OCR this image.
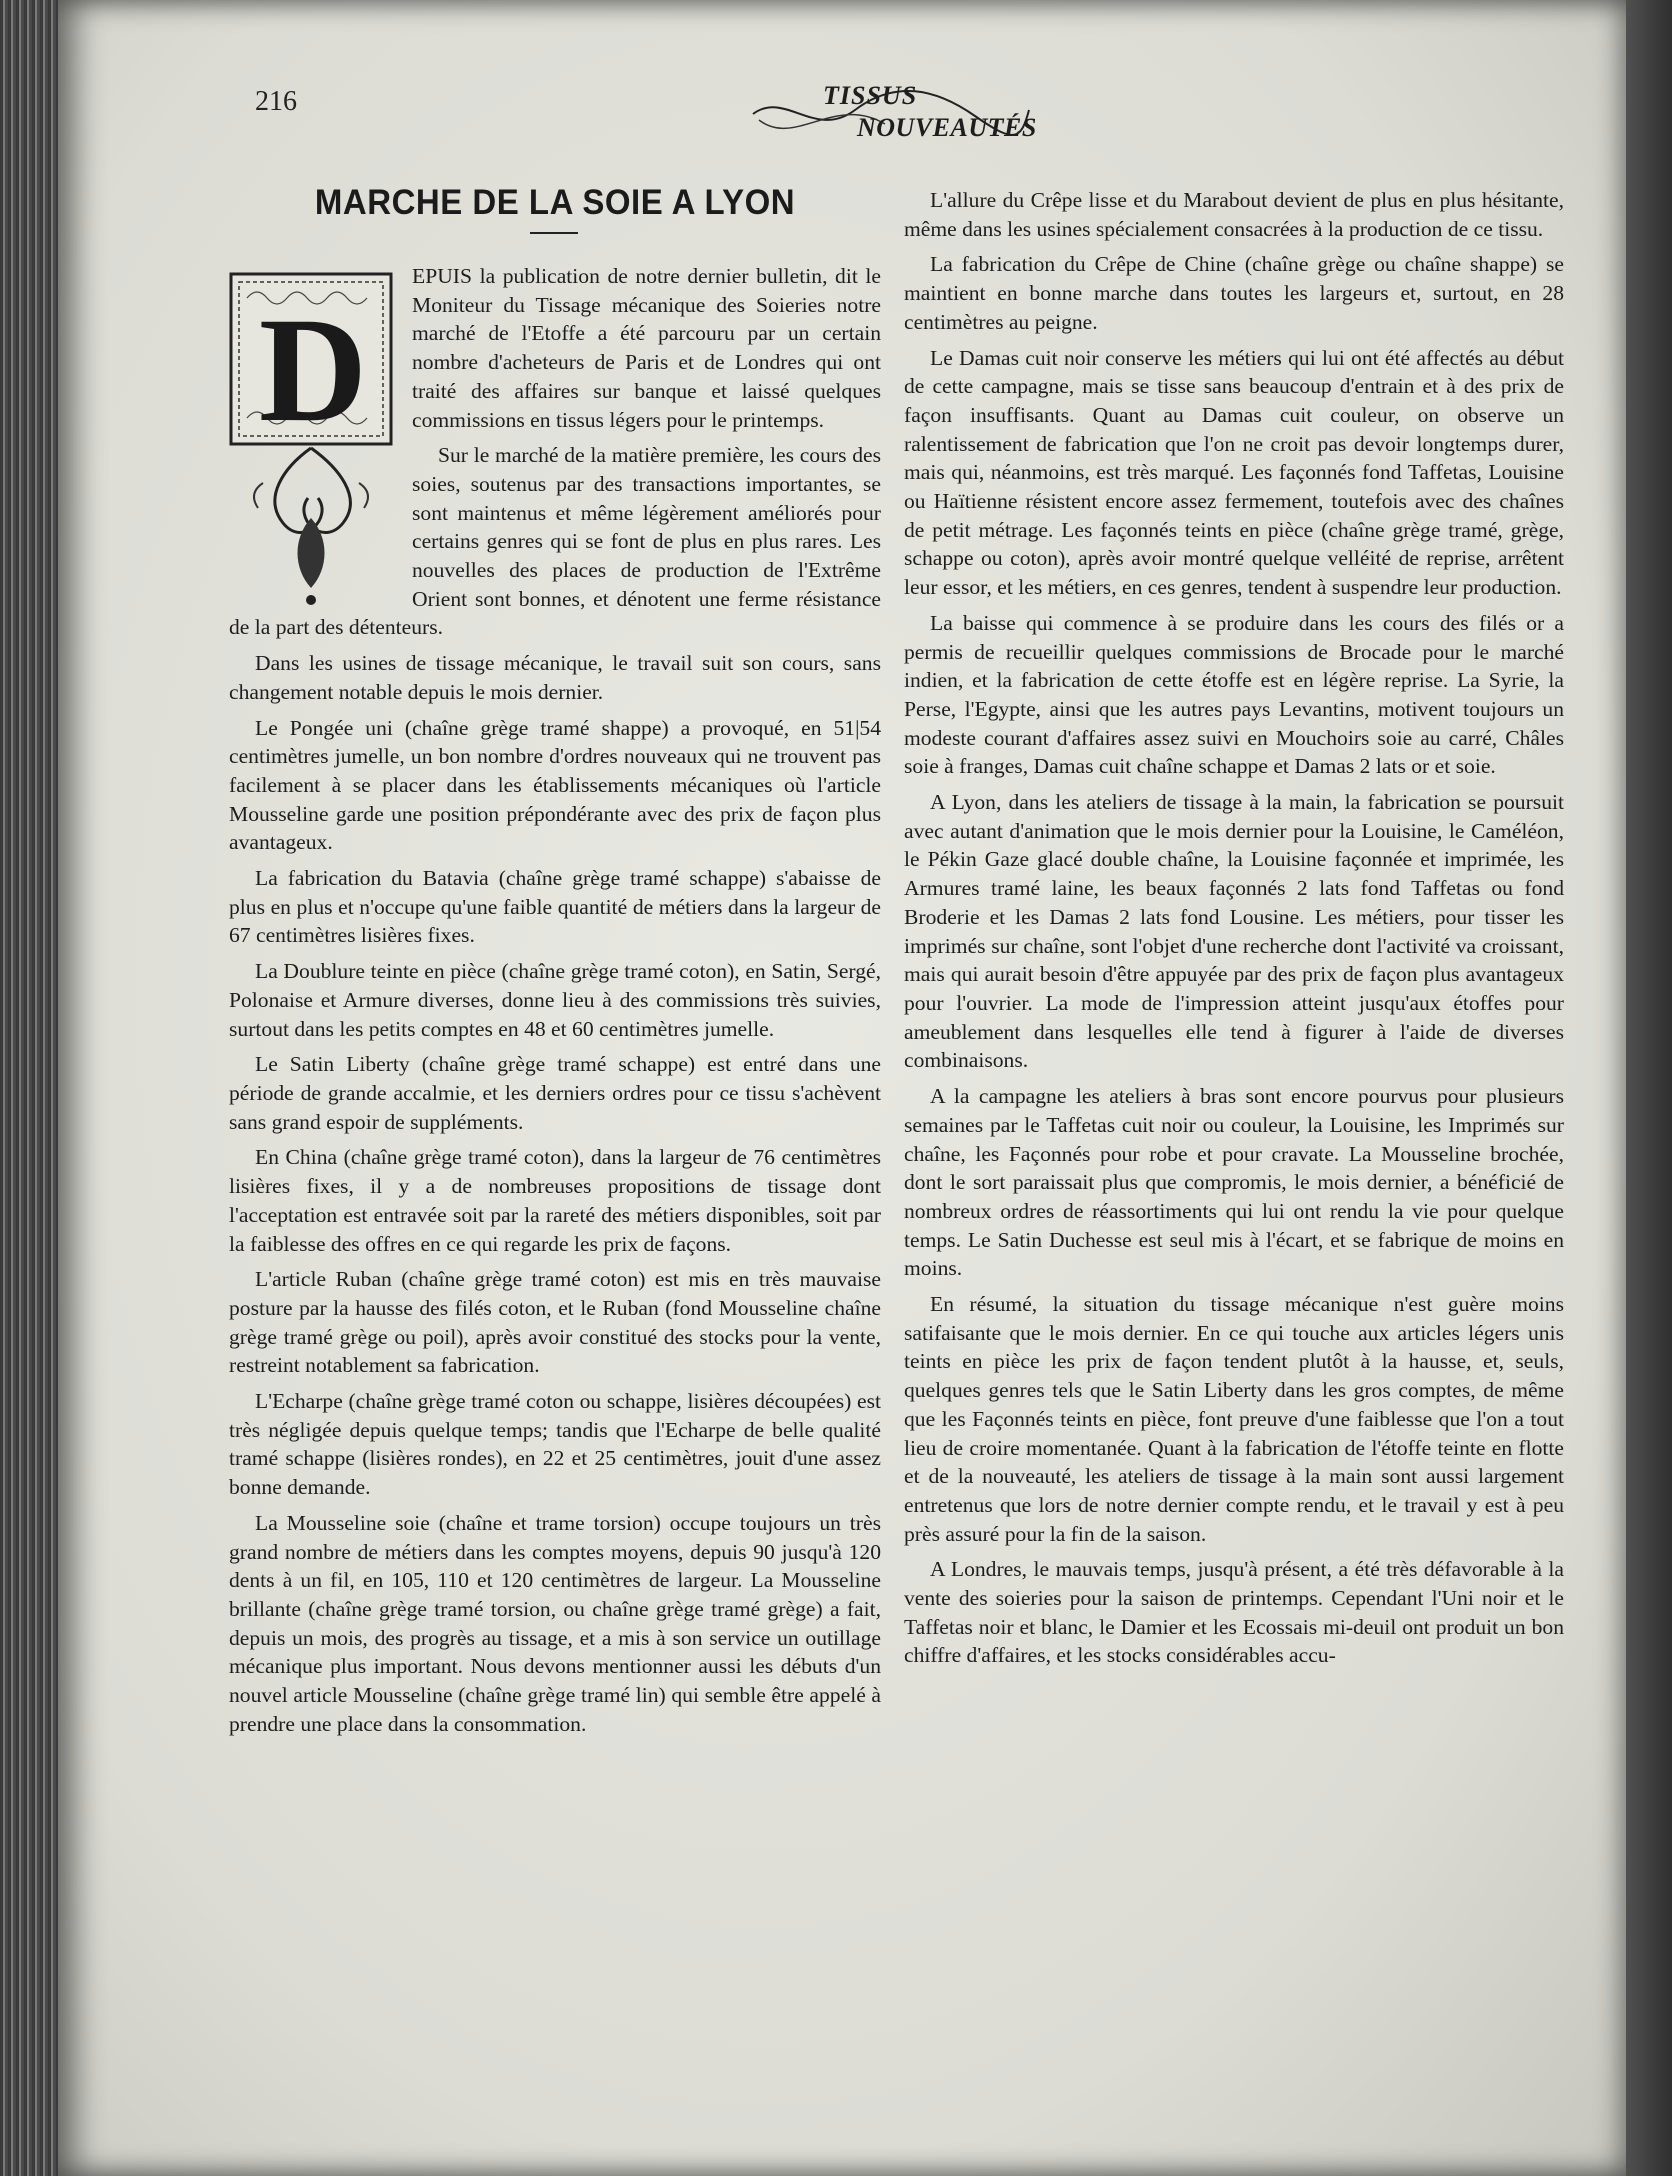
216	TISSUS
NOUVEAUTÉS
MARCHE DE LA SOIE A LYON
D

EPUIS la publication de notre dernier bulletin, dit le Moniteur du Tissage mécanique des Soieries notre marché de l'Etoffe a été parcouru par un certain nombre d'acheteurs de Paris et de Londres qui ont traité des affaires sur banque et laissé quelques commissions en tissus légers pour le printemps.

Sur le marché de la matière première, les cours des soies, soutenus par des transactions importantes, se sont maintenus et même légèrement améliorés pour certains genres qui se font de plus en plus rares. Les nouvelles des places de production de l'Extrême Orient sont bonnes, et dénotent une ferme résistance de la part des détenteurs.

Dans les usines de tissage mécanique, le travail suit son cours, sans changement notable depuis le mois dernier.

Le Pongée uni (chaîne grège tramé shappe) a provoqué, en 51|54 centimètres jumelle, un bon nombre d'ordres nouveaux qui ne trouvent pas facilement à se placer dans les établissements mécaniques où l'article Mousseline garde une position prépondérante avec des prix de façon plus avantageux.

La fabrication du Batavia (chaîne grège tramé schappe) s'abaisse de plus en plus et n'occupe qu'une faible quantité de métiers dans la largeur de 67 centimètres lisières fixes.

La Doublure teinte en pièce (chaîne grège tramé coton), en Satin, Sergé, Polonaise et Armure diverses, donne lieu à des commissions très suivies, surtout dans les petits comptes en 48 et 60 centimètres jumelle.

Le Satin Liberty (chaîne grège tramé schappe) est entré dans une période de grande accalmie, et les derniers ordres pour ce tissu s'achèvent sans grand espoir de suppléments.

En China (chaîne grège tramé coton), dans la largeur de 76 centimètres lisières fixes, il y a de nombreuses propositions de tissage dont l'acceptation est entravée soit par la rareté des métiers disponibles, soit par la faiblesse des offres en ce qui regarde les prix de façons.

L'article Ruban (chaîne grège tramé coton) est mis en très mauvaise posture par la hausse des filés coton, et le Ruban (fond Mousseline chaîne grège tramé grège ou poil), après avoir constitué des stocks pour la vente, restreint notablement sa fabrication.

L'Echarpe (chaîne grège tramé coton ou schappe, lisières découpées) est très négligée depuis quelque temps; tandis que l'Echarpe de belle qualité tramé schappe (lisières rondes), en 22 et 25 centimètres, jouit d'une assez bonne demande.

La Mousseline soie (chaîne et trame torsion) occupe toujours un très grand nombre de métiers dans les comptes moyens, depuis 90 jusqu'à 120 dents à un fil, en 105, 110 et 120 centimètres de largeur. La Mousseline brillante (chaîne grège tramé torsion, ou chaîne grège tramé grège) a fait, depuis un mois, des progrès au tissage, et a mis à son service un outillage mécanique plus important. Nous devons mentionner aussi les débuts d'un nouvel article Mousseline (chaîne grège tramé lin) qui semble être appelé à prendre une place dans la consommation.

L'allure du Crêpe lisse et du Marabout devient de plus en plus hésitante, même dans les usines spécialement consacrées à la production de ce tissu.

La fabrication du Crêpe de Chine (chaîne grège ou chaîne shappe) se maintient en bonne marche dans toutes les largeurs et, surtout, en 28 centimètres au peigne.

Le Damas cuit noir conserve les métiers qui lui ont été affectés au début de cette campagne, mais se tisse sans beaucoup d'entrain et à des prix de façon insuffisants. Quant au Damas cuit couleur, on observe un ralentissement de fabrication que l'on ne croit pas devoir longtemps durer, mais qui, néanmoins, est très marqué. Les façonnés fond Taffetas, Louisine ou Haïtienne résistent encore assez fermement, toutefois avec des chaînes de petit métrage. Les façonnés teints en pièce (chaîne grège tramé, grège, schappe ou coton), après avoir montré quelque velléité de reprise, arrêtent leur essor, et les métiers, en ces genres, tendent à suspendre leur production.

La baisse qui commence à se produire dans les cours des filés or a permis de recueillir quelques commissions de Brocade pour le marché indien, et la fabrication de cette étoffe est en légère reprise. La Syrie, la Perse, l'Egypte, ainsi que les autres pays Levantins, motivent toujours un modeste courant d'affaires assez suivi en Mouchoirs soie au carré, Châles soie à franges, Damas cuit chaîne schappe et Damas 2 lats or et soie.

A Lyon, dans les ateliers de tissage à la main, la fabrication se poursuit avec autant d'animation que le mois dernier pour la Louisine, le Caméléon, le Pékin Gaze glacé double chaîne, la Louisine façonnée et imprimée, les Armures tramé laine, les beaux façonnés 2 lats fond Taffetas ou fond Broderie et les Damas 2 lats fond Lousine. Les métiers, pour tisser les imprimés sur chaîne, sont l'objet d'une recherche dont l'activité va croissant, mais qui aurait besoin d'être appuyée par des prix de façon plus avantageux pour l'ouvrier. La mode de l'impression atteint jusqu'aux étoffes pour ameublement dans lesquelles elle tend à figurer à l'aide de diverses combinaisons.

A la campagne les ateliers à bras sont encore pourvus pour plusieurs semaines par le Taffetas cuit noir ou couleur, la Louisine, les Imprimés sur chaîne, les Façonnés pour robe et pour cravate. La Mousseline brochée, dont le sort paraissait plus que compromis, le mois dernier, a bénéficié de nombreux ordres de réassortiments qui lui ont rendu la vie pour quelque temps. Le Satin Duchesse est seul mis à l'écart, et se fabrique de moins en moins.

En résumé, la situation du tissage mécanique n'est guère moins satifaisante que le mois dernier. En ce qui touche aux articles légers unis teints en pièce les prix de façon tendent plutôt à la hausse, et, seuls, quelques genres tels que le Satin Liberty dans les gros comptes, de même que les Façonnés teints en pièce, font preuve d'une faiblesse que l'on a tout lieu de croire momentanée. Quant à la fabrication de l'étoffe teinte en flotte et de la nouveauté, les ateliers de tissage à la main sont aussi largement entretenus que lors de notre dernier compte rendu, et le travail y est à peu près assuré pour la fin de la saison.

A Londres, le mauvais temps, jusqu'à présent, a été très défavorable à la vente des soieries pour la saison de printemps. Cependant l'Uni noir et le Taffetas noir et blanc, le Damier et les Ecossais mi-deuil ont produit un bon chiffre d'affaires, et les stocks considérables accu-
